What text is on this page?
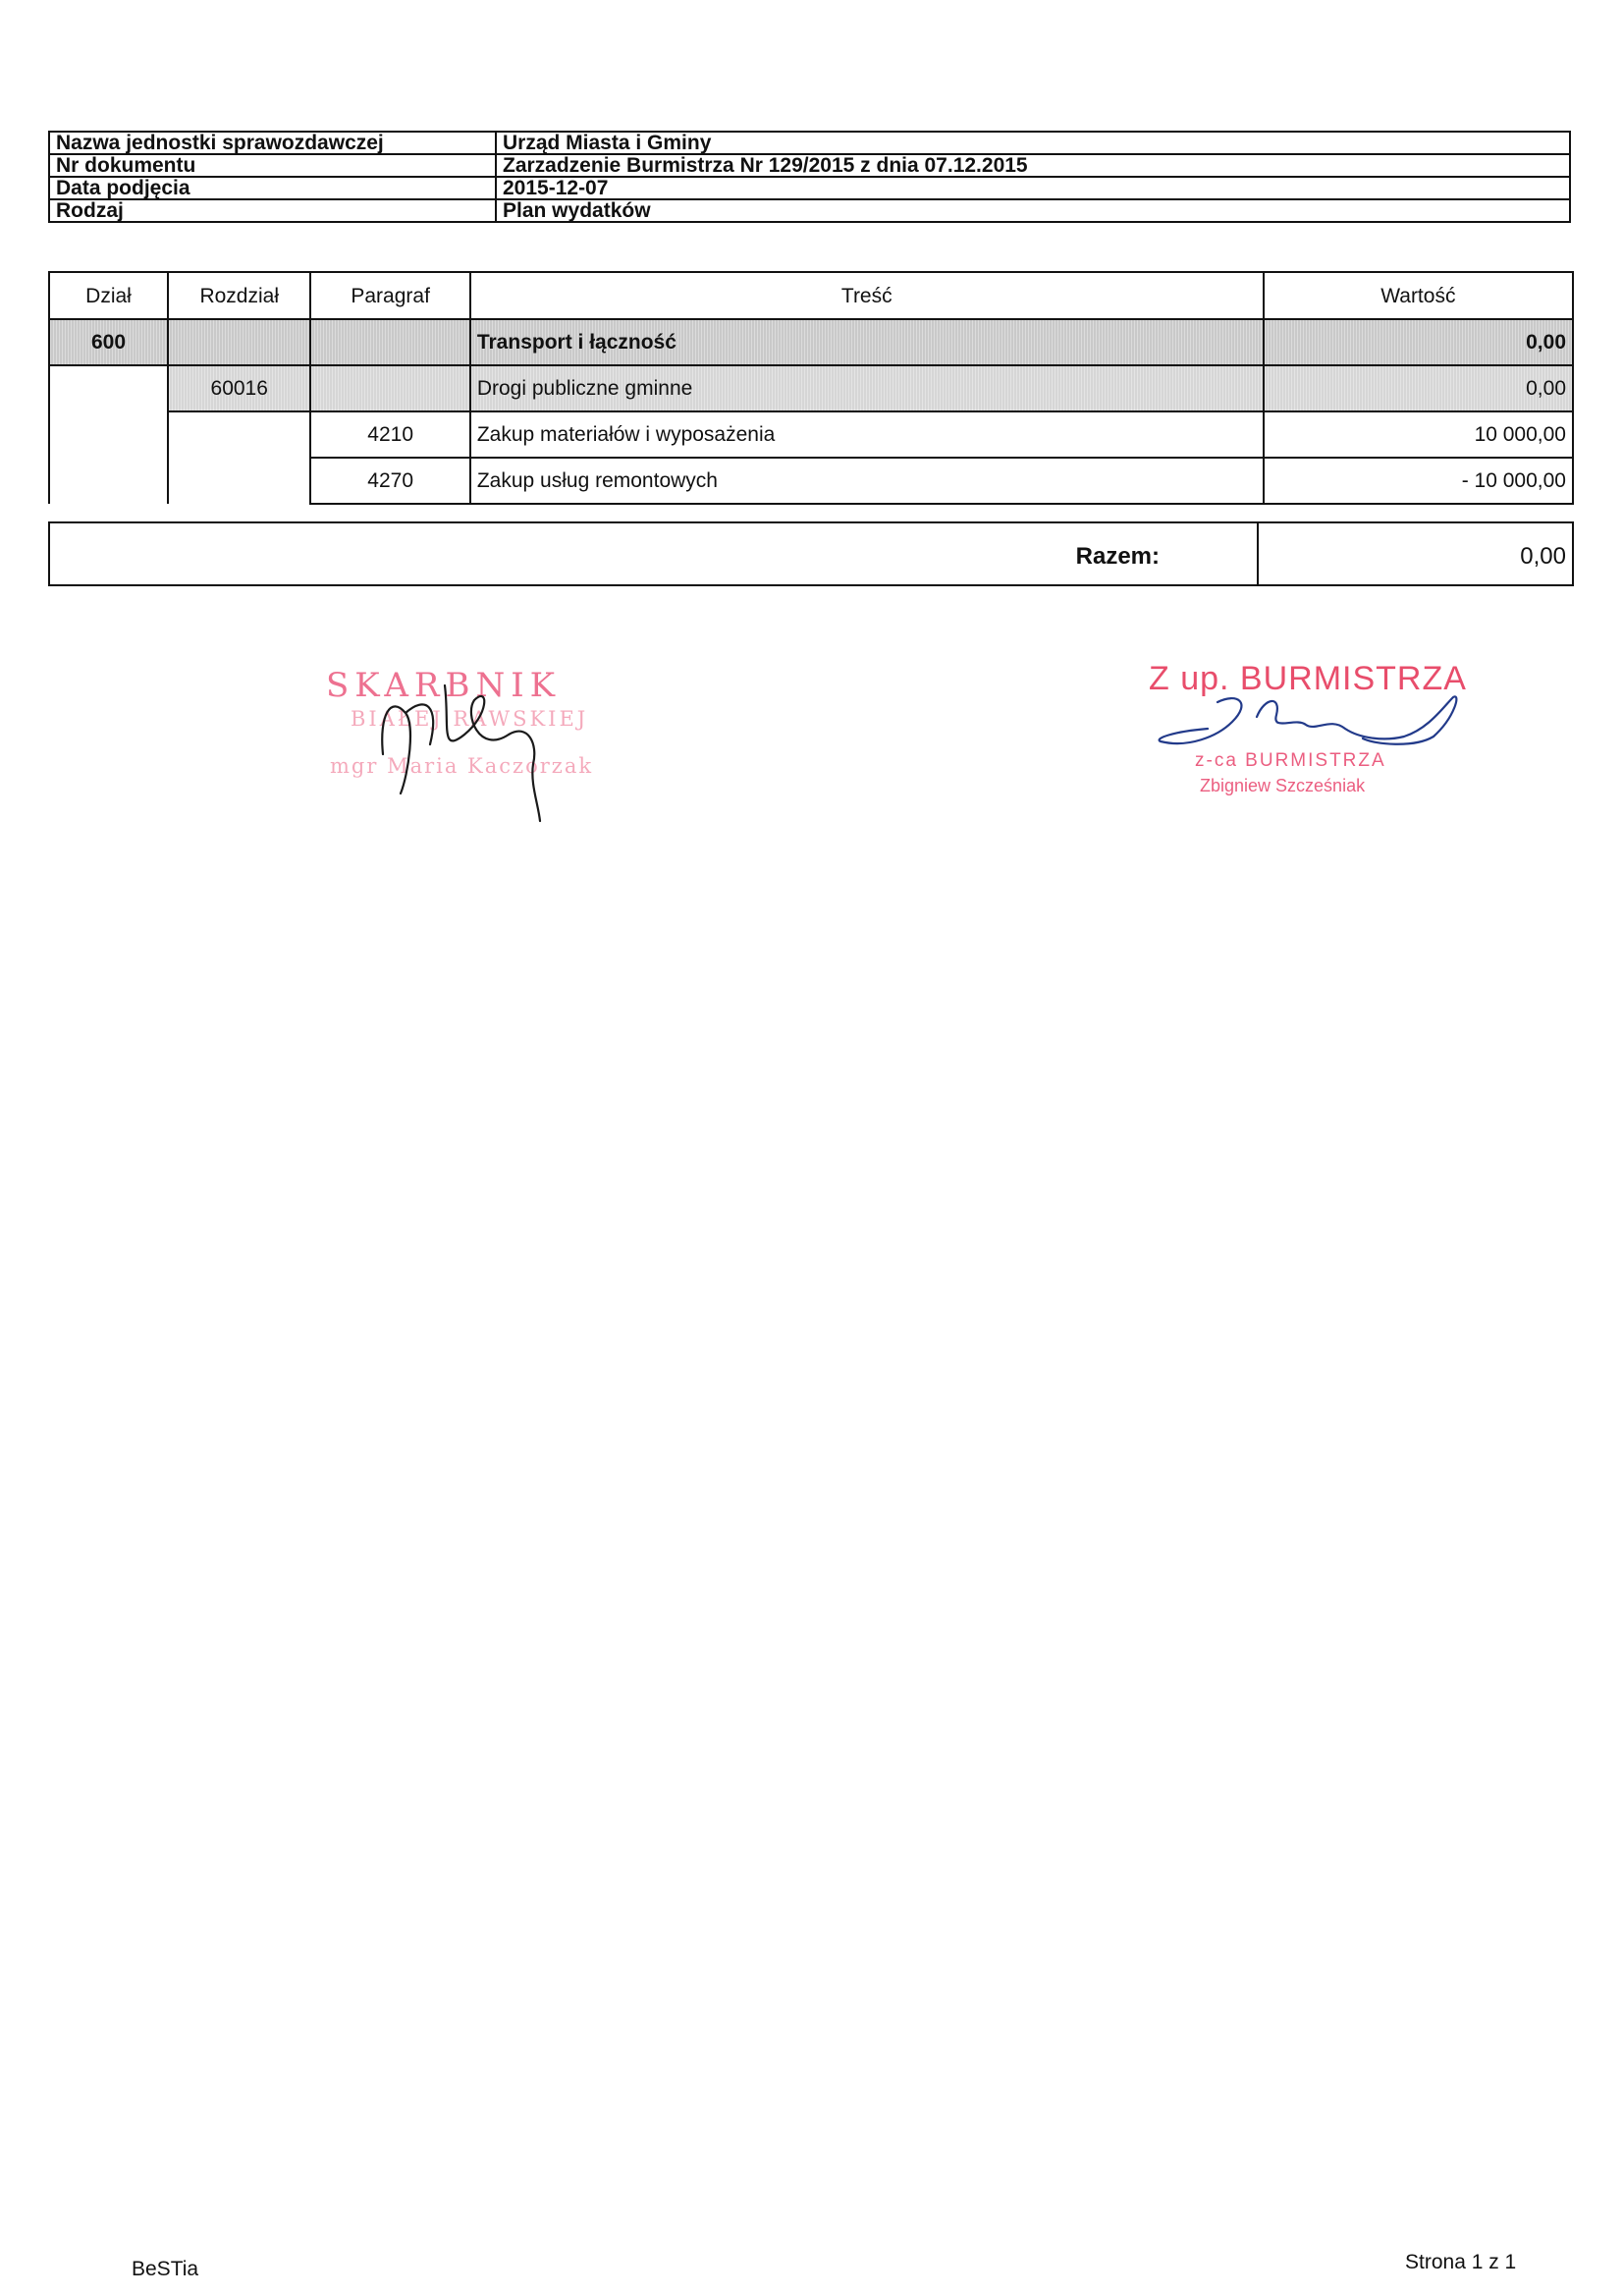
Nazwa jednostki sprawozdawczej	Urząd Miasta i Gminy
Nr dokumentu	Zarzadzenie Burmistrza Nr 129/2015 z dnia 07.12.2015
Data podjęcia	2015-12-07
Rodzaj	Plan wydatków
Dział	Rozdział	Paragraf	Treść	Wartość
600			Transport i łączność	0,00
	60016		Drogi publiczne gminne	0,00
		4210	Zakup materiałów i wyposażenia	10 000,00
		4270	Zakup usług remontowych	- 10 000,00
Razem:	0,00
SKARBNIK
BIAŁEJ RAWSKIEJ
mgr Maria Kaczorzak
Z up. BURMISTRZA
z-ca BURMISTRZA
Zbigniew Szcześniak
BeSTia	Strona 1 z 1
